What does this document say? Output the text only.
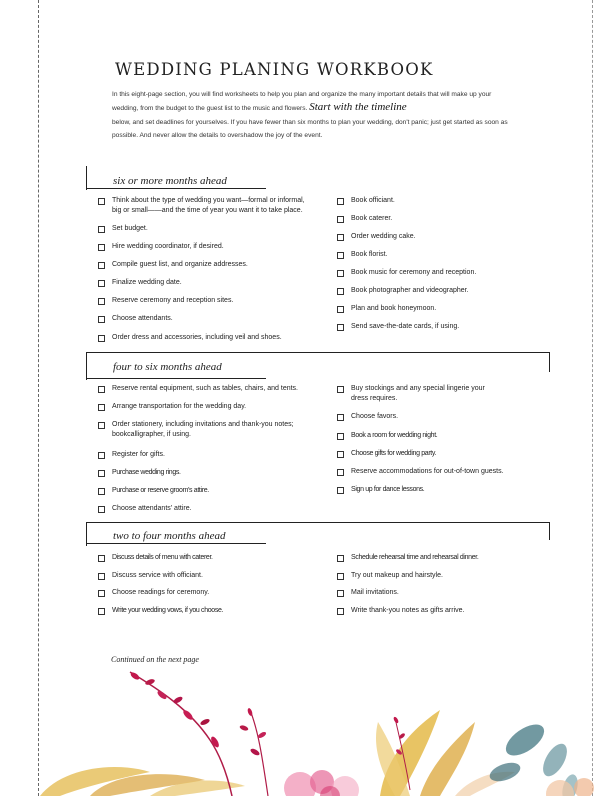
WEDDING PLANING WORKBOOK
In this eight-page section, you will find worksheets to help you plan and organize the many important details that will make up your
wedding, from the budget to the guest list to the music and flowers. Start with the timeline
below, and set deadlines for yourselves. If you have fewer than six months to plan your wedding, don't panic; just get started as soon as
possible. And never allow the details to overshadow the joy of the event.
six or more months ahead
four to six months ahead
two to four months ahead
Think about the type of wedding you want—formal or informal,
big or small——and the time of year you want it to take place.
Set budget.
Hire wedding coordinator, if desired.
Compile guest list, and organize addresses.
Finalize wedding date.
Reserve ceremony and reception sites.
Choose attendants.
Order dress and accessories, including veil and shoes.
Book officiant.
Book caterer.
Order wedding cake.
Book florist.
Book music for ceremony and reception.
Book photographer and videographer.
Plan and book honeymoon.
Send save-the-date cards, if using.
Reserve rental equipment, such as tables, chairs, and tents.
Arrange transportation for the wedding day.
Order stationery, including invitations and thank-you notes;
bookcalligrapher, if using.
Register for gifts.
Purchase wedding rings.
Purchase or reserve groom's attire.
Choose attendants' attire.
Buy stockings and any special lingerie your
dress requires.
Choose favors.
Book a room for wedding night.
Choose gifts for wedding party.
Reserve accommodations for out-of-town guests.
Sign up for dance lessons.
Discuss details of menu with caterer.
Discuss service with officiant.
Choose readings for ceremony.
Write your wedding vows, if you choose.
Schedule rehearsal time and rehearsal dinner.
Try out makeup and hairstyle.
Mail invitations.
Write thank-you notes as gifts arrive.
Continued on the next page
